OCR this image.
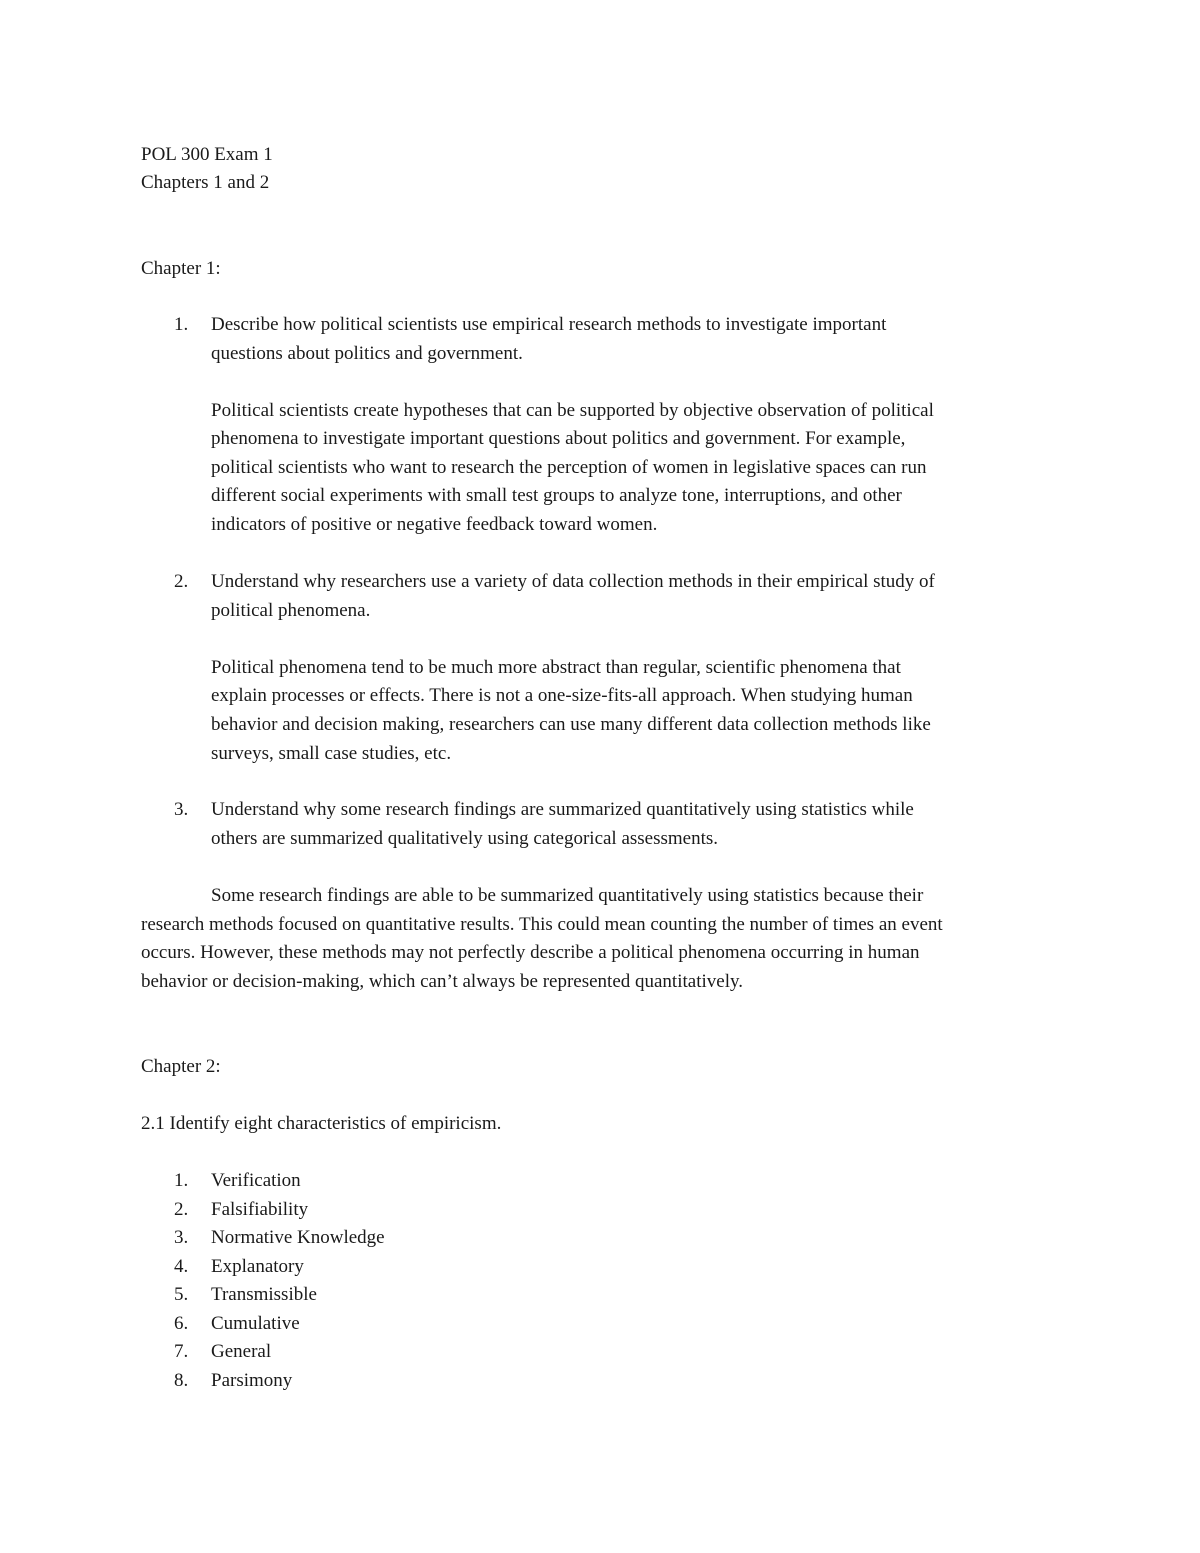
POL 300 Exam 1
Chapters 1 and 2
Chapter 1:
1. Describe how political scientists use empirical research methods to investigate important
questions about politics and government.
Political scientists create hypotheses that can be supported by objective observation of political
phenomena to investigate important questions about politics and government. For example,
political scientists who want to research the perception of women in legislative spaces can run
different social experiments with small test groups to analyze tone, interruptions, and other
indicators of positive or negative feedback toward women.
2. Understand why researchers use a variety of data collection methods in their empirical study of
political phenomena.
Political phenomena tend to be much more abstract than regular, scientific phenomena that
explain processes or effects. There is not a one-size-fits-all approach. When studying human
behavior and decision making, researchers can use many different data collection methods like
surveys, small case studies, etc.
3. Understand why some research findings are summarized quantitatively using statistics while
others are summarized qualitatively using categorical assessments.
Some research findings are able to be summarized quantitatively using statistics because their
research methods focused on quantitative results. This could mean counting the number of times an event
occurs. However, these methods may not perfectly describe a political phenomena occurring in human
behavior or decision-making, which can’t always be represented quantitatively.
Chapter 2:
2.1 Identify eight characteristics of empiricism.
1. Verification
2. Falsifiability
3. Normative Knowledge
4. Explanatory
5. Transmissible
6. Cumulative
7. General
8. Parsimony
